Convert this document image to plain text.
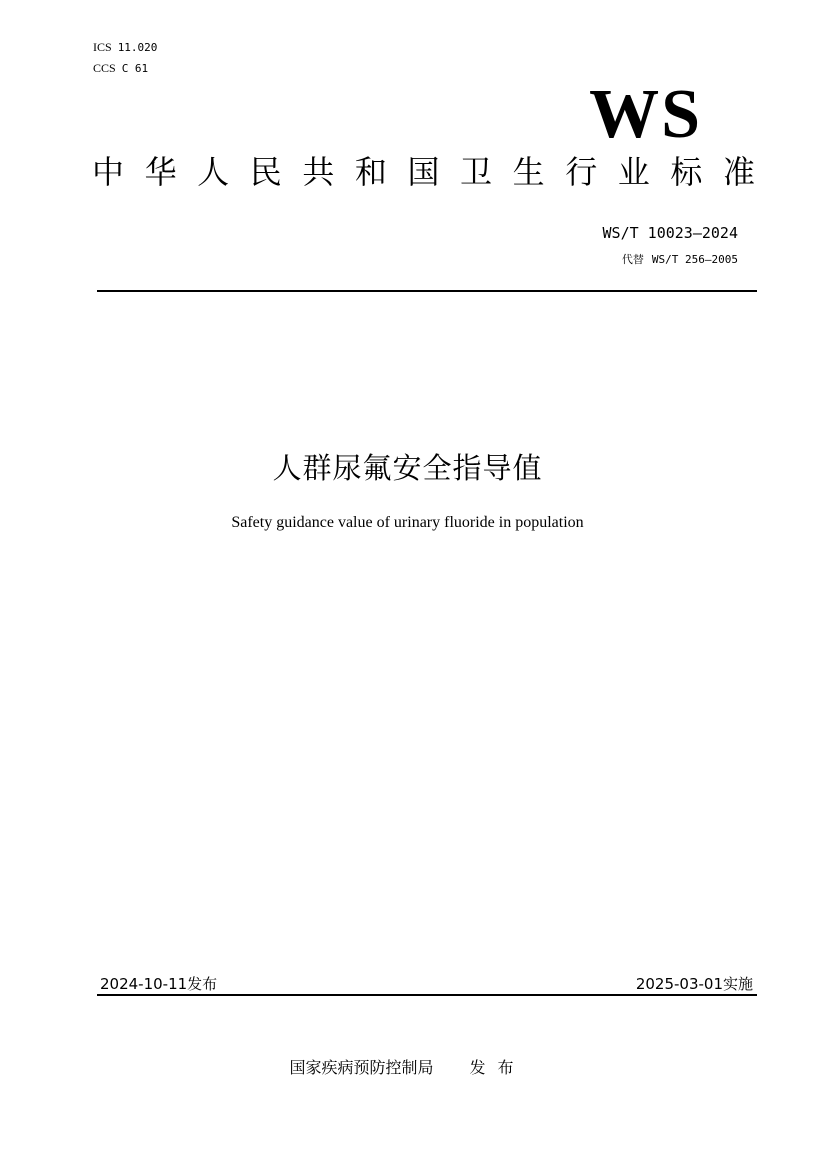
ICS 11.020
CCS C 61
WS
中 华 人 民 共 和 国 卫 生 行 业 标 准
WS/T 10023—2024
代替 WS/T 256—2005
人群尿氟安全指导值
Safety guidance value of urinary fluoride in population
2024-10-11发布	2025-03-01实施
国家疾病预防控制局 发布
